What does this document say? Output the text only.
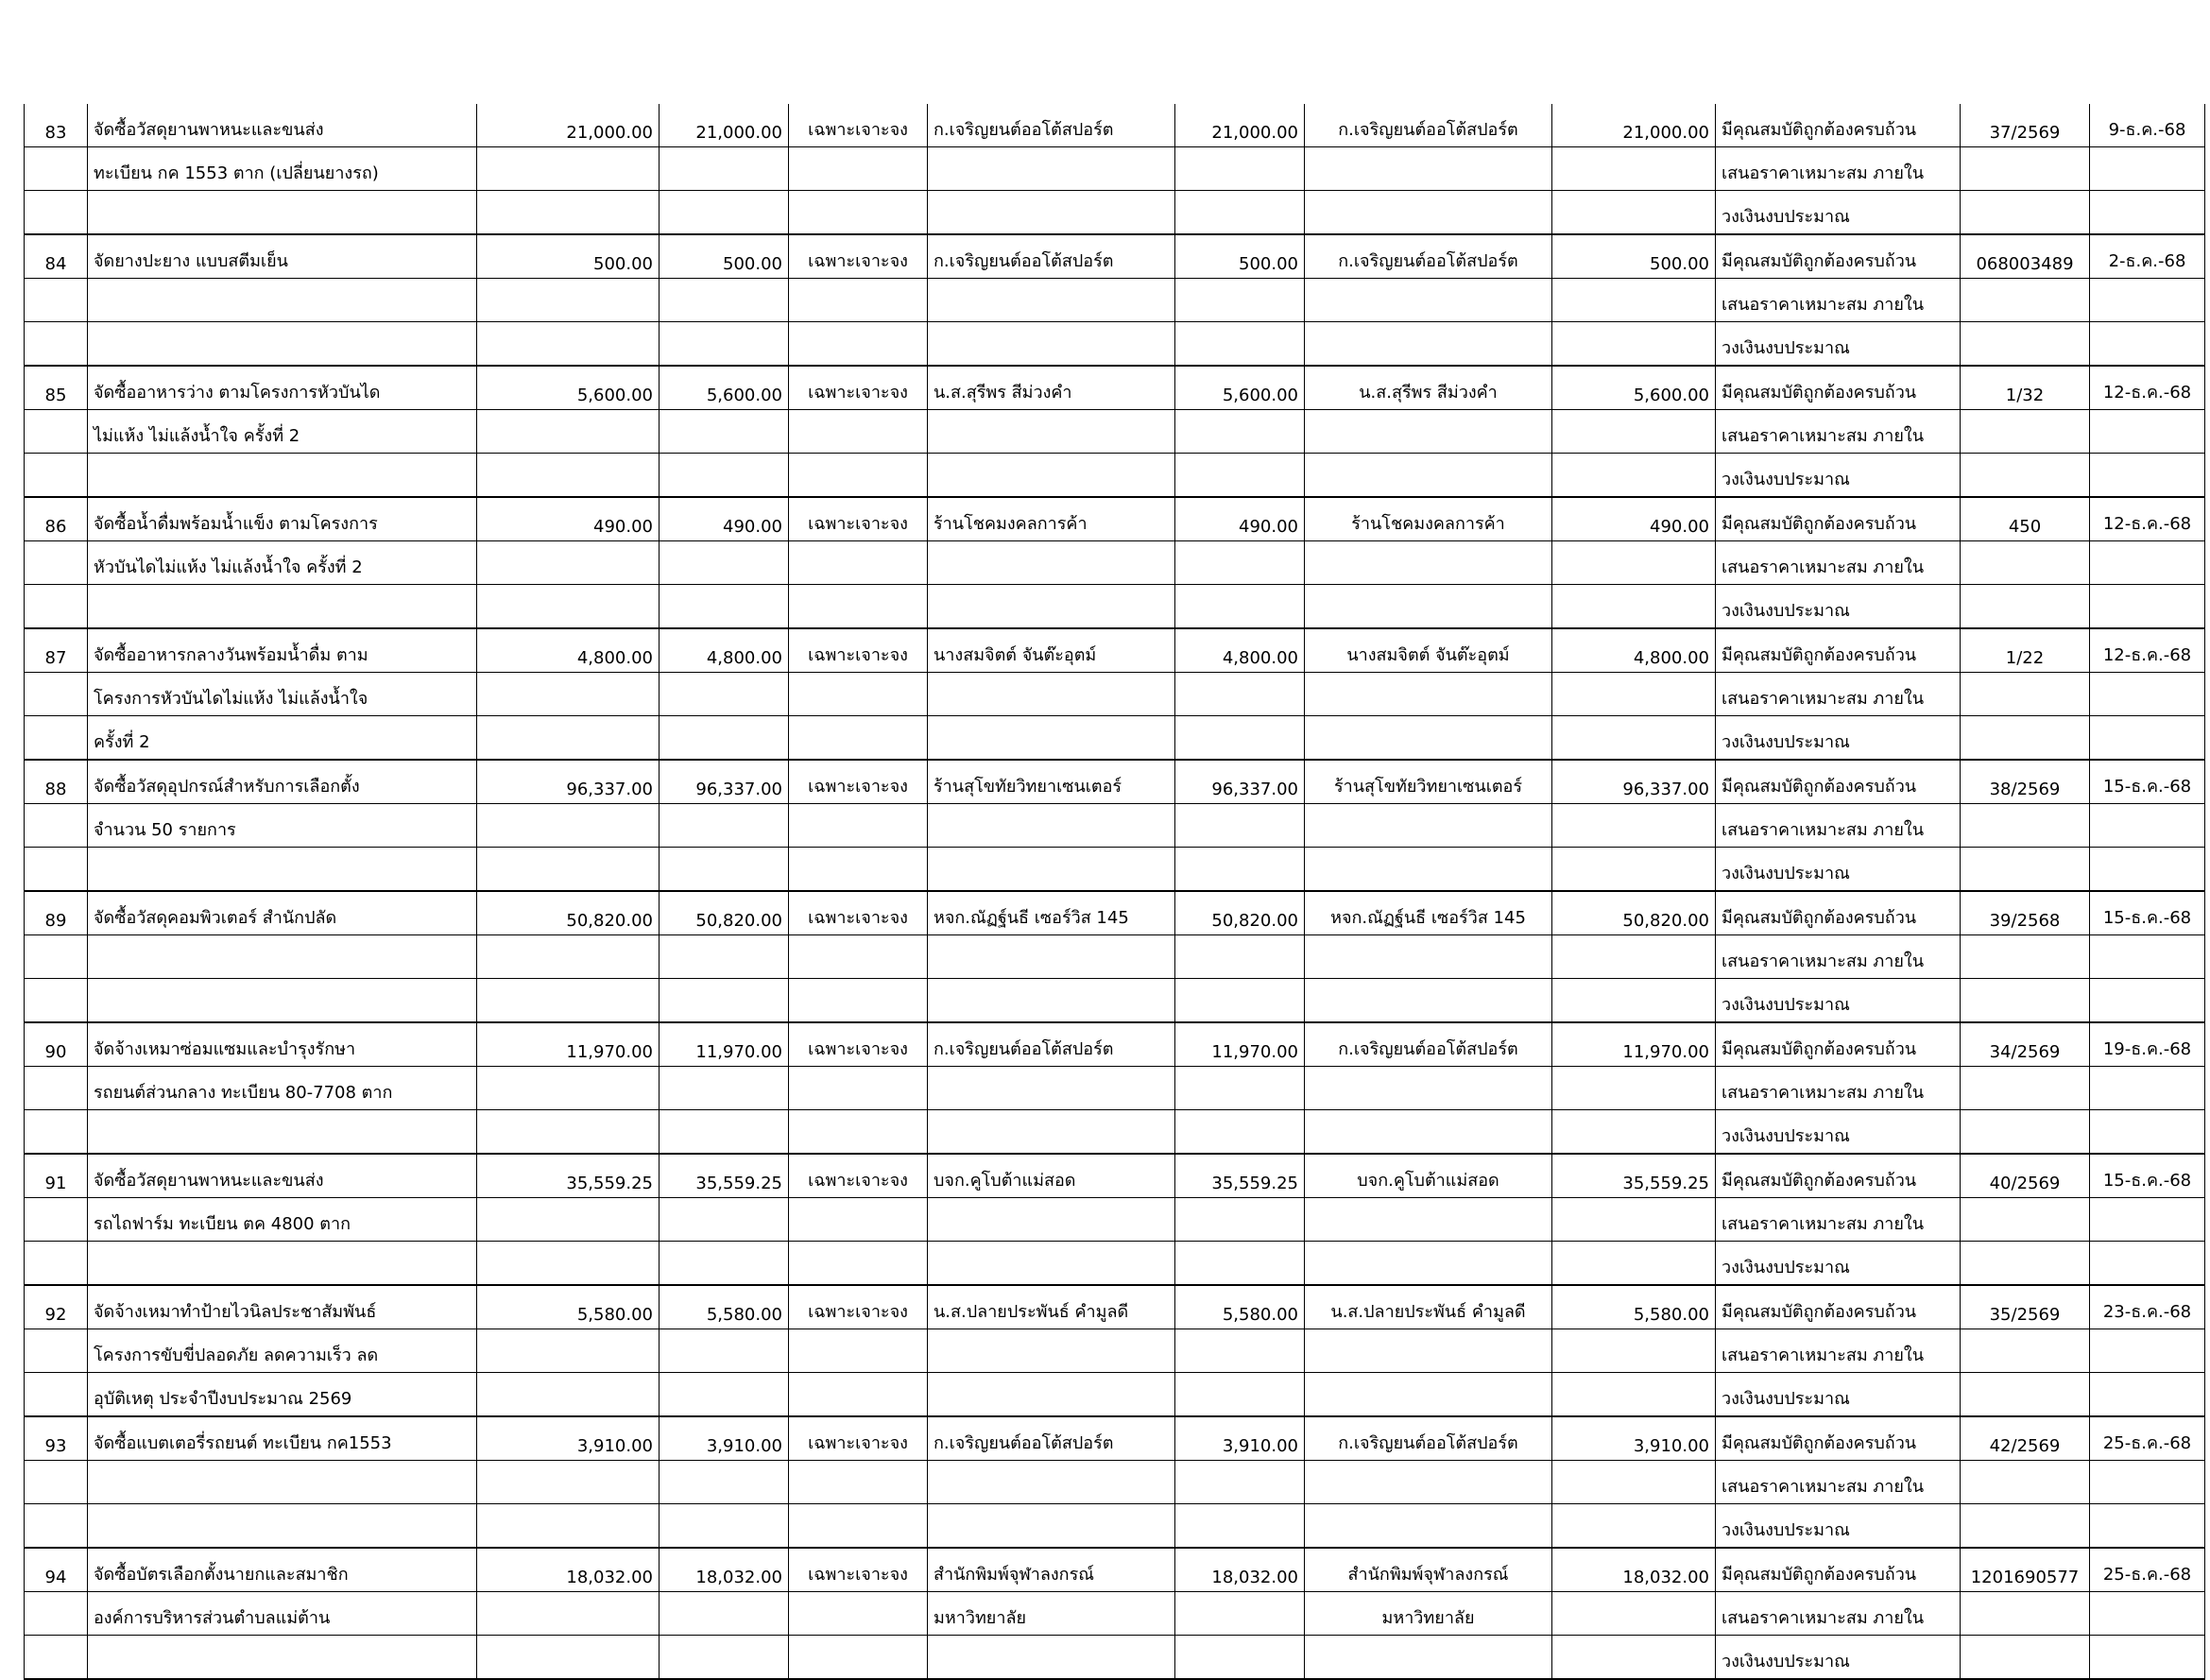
83	จัดซื้อวัสดุยานพาหนะและขนส่ง	21,000.00	21,000.00	เฉพาะเจาะจง	ก.เจริญยนต์ออโต้สปอร์ต	21,000.00	ก.เจริญยนต์ออโต้สปอร์ต	21,000.00	มีคุณสมบัติถูกต้องครบถ้วน	37/2569	9-ธ.ค.-68
	ทะเบียน กค 1553 ตาก (เปลี่ยนยางรถ)								เสนอราคาเหมาะสม ภายใน		
									วงเงินงบประมาณ		
84	จัดยางปะยาง แบบสตีมเย็น	500.00	500.00	เฉพาะเจาะจง	ก.เจริญยนต์ออโต้สปอร์ต	500.00	ก.เจริญยนต์ออโต้สปอร์ต	500.00	มีคุณสมบัติถูกต้องครบถ้วน	068003489	2-ธ.ค.-68
									เสนอราคาเหมาะสม ภายใน		
									วงเงินงบประมาณ		
85	จัดซื้ออาหารว่าง ตามโครงการหัวบันได	5,600.00	5,600.00	เฉพาะเจาะจง	น.ส.สุรีพร สีม่วงคำ	5,600.00	น.ส.สุรีพร สีม่วงคำ	5,600.00	มีคุณสมบัติถูกต้องครบถ้วน	1/32	12-ธ.ค.-68
	ไม่แห้ง ไม่แล้งน้ำใจ ครั้งที่ 2								เสนอราคาเหมาะสม ภายใน		
									วงเงินงบประมาณ		
86	จัดซื้อน้ำดื่มพร้อมน้ำแข็ง ตามโครงการ	490.00	490.00	เฉพาะเจาะจง	ร้านโชคมงคลการค้า	490.00	ร้านโชคมงคลการค้า	490.00	มีคุณสมบัติถูกต้องครบถ้วน	450	12-ธ.ค.-68
	หัวบันไดไม่แห้ง ไม่แล้งน้ำใจ ครั้งที่ 2								เสนอราคาเหมาะสม ภายใน		
									วงเงินงบประมาณ		
87	จัดซื้ออาหารกลางวันพร้อมน้ำดื่ม ตาม	4,800.00	4,800.00	เฉพาะเจาะจง	นางสมจิตต์ จันต๊ะอุตม์	4,800.00	นางสมจิตต์ จันต๊ะอุตม์	4,800.00	มีคุณสมบัติถูกต้องครบถ้วน	1/22	12-ธ.ค.-68
	โครงการหัวบันไดไม่แห้ง ไม่แล้งน้ำใจ								เสนอราคาเหมาะสม ภายใน		
	ครั้งที่ 2								วงเงินงบประมาณ		
88	จัดซื้อวัสดุอุปกรณ์สำหรับการเลือกตั้ง	96,337.00	96,337.00	เฉพาะเจาะจง	ร้านสุโขทัยวิทยาเซนเตอร์	96,337.00	ร้านสุโขทัยวิทยาเซนเตอร์	96,337.00	มีคุณสมบัติถูกต้องครบถ้วน	38/2569	15-ธ.ค.-68
	จำนวน 50 รายการ								เสนอราคาเหมาะสม ภายใน		
									วงเงินงบประมาณ		
89	จัดซื้อวัสดุคอมพิวเตอร์ สำนักปลัด	50,820.00	50,820.00	เฉพาะเจาะจง	หจก.ณัฏฐ์นธี เซอร์วิส 145	50,820.00	หจก.ณัฏฐ์นธี เซอร์วิส 145	50,820.00	มีคุณสมบัติถูกต้องครบถ้วน	39/2568	15-ธ.ค.-68
									เสนอราคาเหมาะสม ภายใน		
									วงเงินงบประมาณ		
90	จัดจ้างเหมาซ่อมแซมและบำรุงรักษา	11,970.00	11,970.00	เฉพาะเจาะจง	ก.เจริญยนต์ออโต้สปอร์ต	11,970.00	ก.เจริญยนต์ออโต้สปอร์ต	11,970.00	มีคุณสมบัติถูกต้องครบถ้วน	34/2569	19-ธ.ค.-68
	รถยนต์ส่วนกลาง ทะเบียน 80-7708 ตาก								เสนอราคาเหมาะสม ภายใน		
									วงเงินงบประมาณ		
91	จัดซื้อวัสดุยานพาหนะและขนส่ง	35,559.25	35,559.25	เฉพาะเจาะจง	บจก.คูโบต้าแม่สอด	35,559.25	บจก.คูโบต้าแม่สอด	35,559.25	มีคุณสมบัติถูกต้องครบถ้วน	40/2569	15-ธ.ค.-68
	รถไถฟาร์ม ทะเบียน ตค 4800 ตาก								เสนอราคาเหมาะสม ภายใน		
									วงเงินงบประมาณ		
92	จัดจ้างเหมาทำป้ายไวนิลประชาสัมพันธ์	5,580.00	5,580.00	เฉพาะเจาะจง	น.ส.ปลายประพันธ์ คำมูลดี	5,580.00	น.ส.ปลายประพันธ์ คำมูลดี	5,580.00	มีคุณสมบัติถูกต้องครบถ้วน	35/2569	23-ธ.ค.-68
	โครงการขับขี่ปลอดภัย ลดความเร็ว ลด								เสนอราคาเหมาะสม ภายใน		
	อุบัติเหตุ ประจำปีงบประมาณ 2569								วงเงินงบประมาณ		
93	จัดซื้อแบตเตอรี่รถยนต์ ทะเบียน กค1553	3,910.00	3,910.00	เฉพาะเจาะจง	ก.เจริญยนต์ออโต้สปอร์ต	3,910.00	ก.เจริญยนต์ออโต้สปอร์ต	3,910.00	มีคุณสมบัติถูกต้องครบถ้วน	42/2569	25-ธ.ค.-68
									เสนอราคาเหมาะสม ภายใน		
									วงเงินงบประมาณ		
94	จัดซื้อบัตรเลือกตั้งนายกและสมาชิก	18,032.00	18,032.00	เฉพาะเจาะจง	สำนักพิมพ์จุฬาลงกรณ์	18,032.00	สำนักพิมพ์จุฬาลงกรณ์	18,032.00	มีคุณสมบัติถูกต้องครบถ้วน	1201690577	25-ธ.ค.-68
	องค์การบริหารส่วนตำบลแม่ต้าน				มหาวิทยาลัย		มหาวิทยาลัย		เสนอราคาเหมาะสม ภายใน		
									วงเงินงบประมาณ		
